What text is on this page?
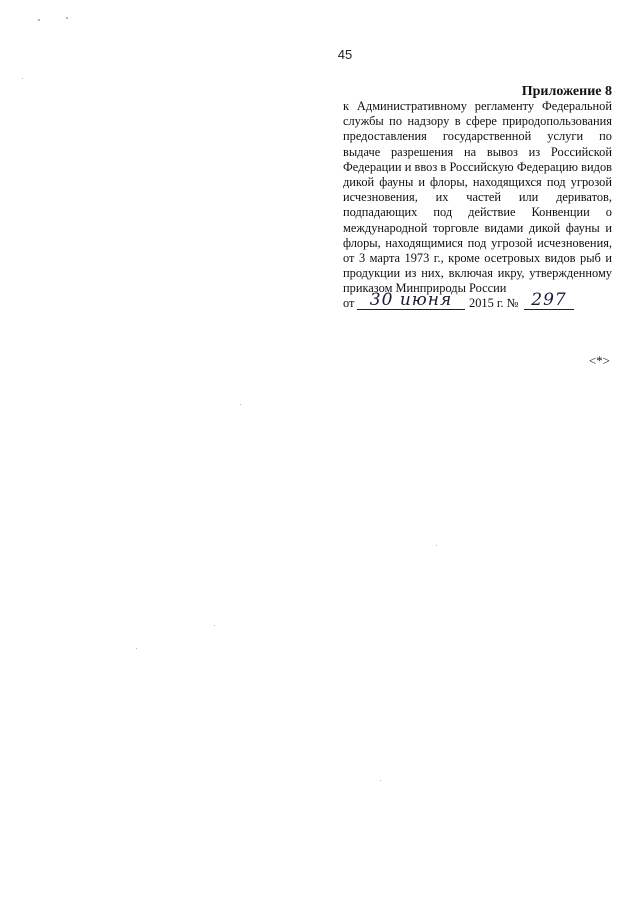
45
Приложение 8
к Административному регламенту Федеральной службы по надзору в сфере природопользования предоставления государственной услуги по выдаче разрешения на вывоз из Российской Федерации и ввоз в Российскую Федерацию видов дикой фауны и флоры, находящихся под угрозой исчезновения, их частей или дериватов, подпадающих под действие Конвенции о международной торговле видами дикой фауны и флоры, находящимися под угрозой исчезновения, от 3 марта 1973 г., кроме осетровых видов рыб и продукции из них, включая икру, утвержденному приказом Минприроды России
от 30 июня	2015 г. № 297
<*>
